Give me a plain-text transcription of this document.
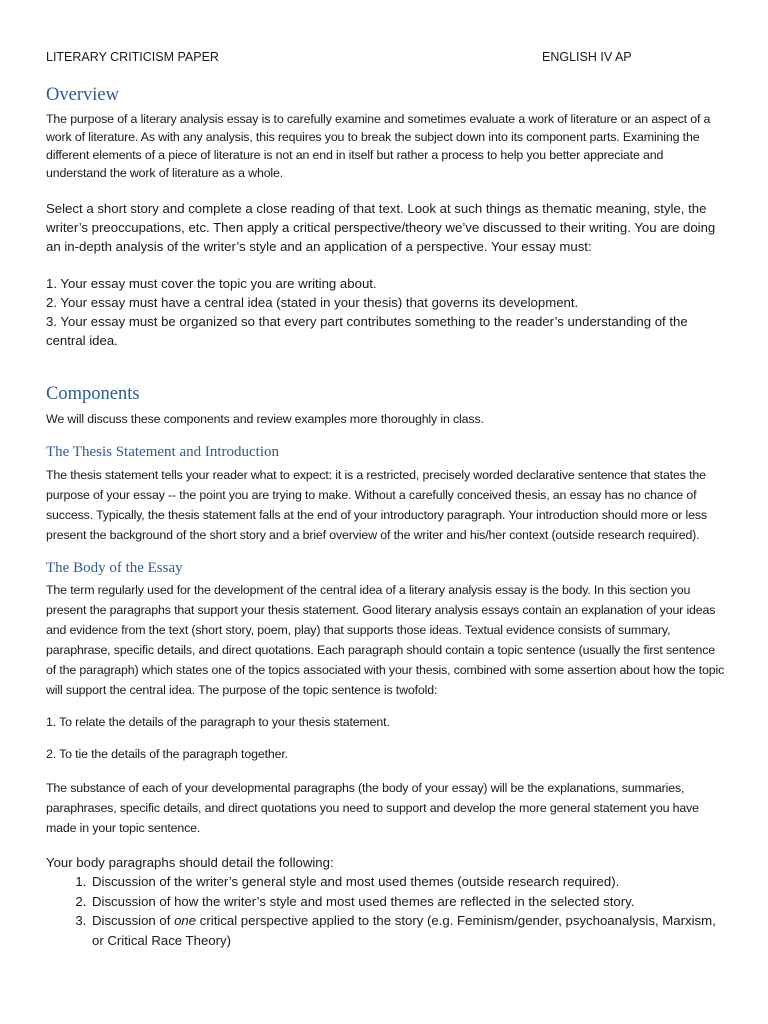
LITERARY CRITICISM PAPER	ENGLISH IV AP
Overview

The purpose of a literary analysis essay is to carefully examine and sometimes evaluate a work of literature or an aspect of a work of literature. As with any analysis, this requires you to break the subject down into its component parts. Examining the different elements of a piece of literature is not an end in itself but rather a process to help you better appreciate and understand the work of literature as a whole.

Select a short story and complete a close reading of that text. Look at such things as thematic meaning, style, the writer’s preoccupations, etc. Then apply a critical perspective/theory we’ve discussed to their writing. You are doing an in-depth analysis of the writer’s style and an application of a perspective. Your essay must:

1. Your essay must cover the topic you are writing about.

2. Your essay must have a central idea (stated in your thesis) that governs its development.

3. Your essay must be organized so that every part contributes something to the reader’s understanding of the central idea.

Components

We will discuss these components and review examples more thoroughly in class.

The Thesis Statement and Introduction

The thesis statement tells your reader what to expect: it is a restricted, precisely worded declarative sentence that states the purpose of your essay -- the point you are trying to make. Without a carefully conceived thesis, an essay has no chance of success. Typically, the thesis statement falls at the end of your introductory paragraph. Your introduction should more or less present the background of the short story and a brief overview of the writer and his/her context (outside research required).

The Body of the Essay

The term regularly used for the development of the central idea of a literary analysis essay is the body. In this section you present the paragraphs that support your thesis statement. Good literary analysis essays contain an explanation of your ideas and evidence from the text (short story, poem, play) that supports those ideas. Textual evidence consists of summary, paraphrase, specific details, and direct quotations. Each paragraph should contain a topic sentence (usually the first sentence of the paragraph) which states one of the topics associated with your thesis, combined with some assertion about how the topic will support the central idea. The purpose of the topic sentence is twofold:

1. To relate the details of the paragraph to your thesis statement.

2. To tie the details of the paragraph together.

The substance of each of your developmental paragraphs (the body of your essay) will be the explanations, summaries, paraphrases, specific details, and direct quotations you need to support and develop the more general statement you have made in your topic sentence.

Your body paragraphs should detail the following:

1. Discussion of the writer’s general style and most used themes (outside research required).
2. Discussion of how the writer’s style and most used themes are reflected in the selected story.
3. Discussion of one critical perspective applied to the story (e.g. Feminism/gender, psychoanalysis, Marxism, or Critical Race Theory)
